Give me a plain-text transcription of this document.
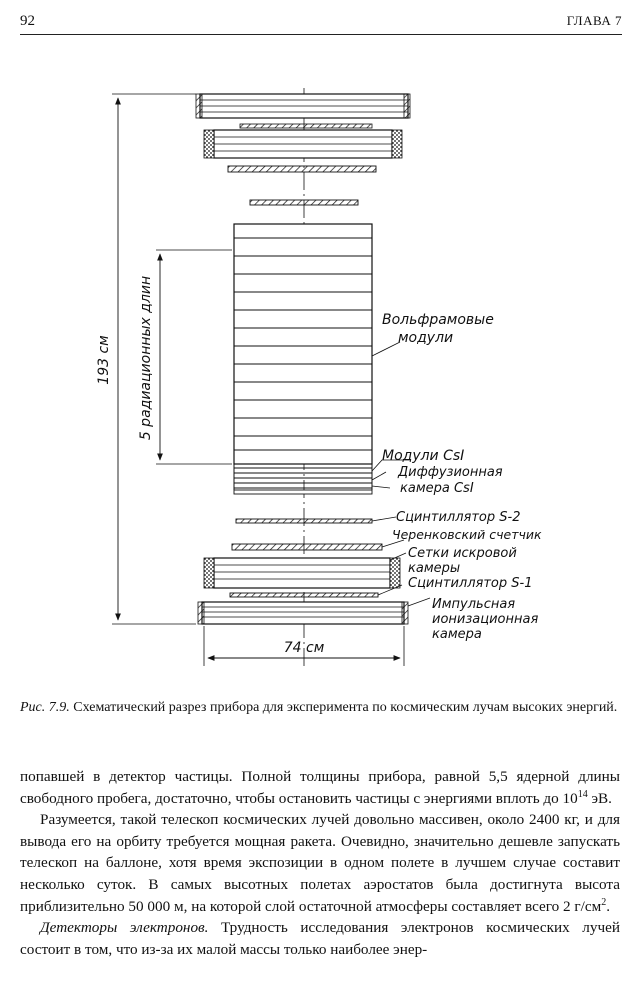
92	ГЛАВА 7
193 см 5 радиационных длин
74 см
Вольфрамовые
модули
Модули CsI
Диффузионная
камера CsI
Сцинтиллятор S-2
Черенковский счетчик
Сетки искровой
камеры
Сцинтиллятор S-1
Импульсная
ионизационная
камера
Рис. 7.9. Схематический разрез прибора для эксперимента по космическим лучам высоких энергий.

попавшей в детектор частицы. Полной толщины прибора, равной 5,5 ядерной длины свободного пробега, достаточно, чтобы остановить частицы с энергиями вплоть до $10^{14}$ эВ.

Разумеется, такой телескоп космических лучей довольно массивен, около 2400 кг, и для вывода его на орбиту требуется мощная ракета. Очевидно, значительно дешевле запускать телескоп на баллоне, хотя время экспозиции в одном полете в лучшем случае составит несколько суток. В самых высотных полетах аэростатов была достигнута высота приблизительно 50 000 м, на которой слой остаточной атмосферы составляет всего 2 $г/см^2$.

Детекторы электронов. Трудность исследования электронов космических лучей состоит в том, что из-за их малой массы только наиболее энер-
